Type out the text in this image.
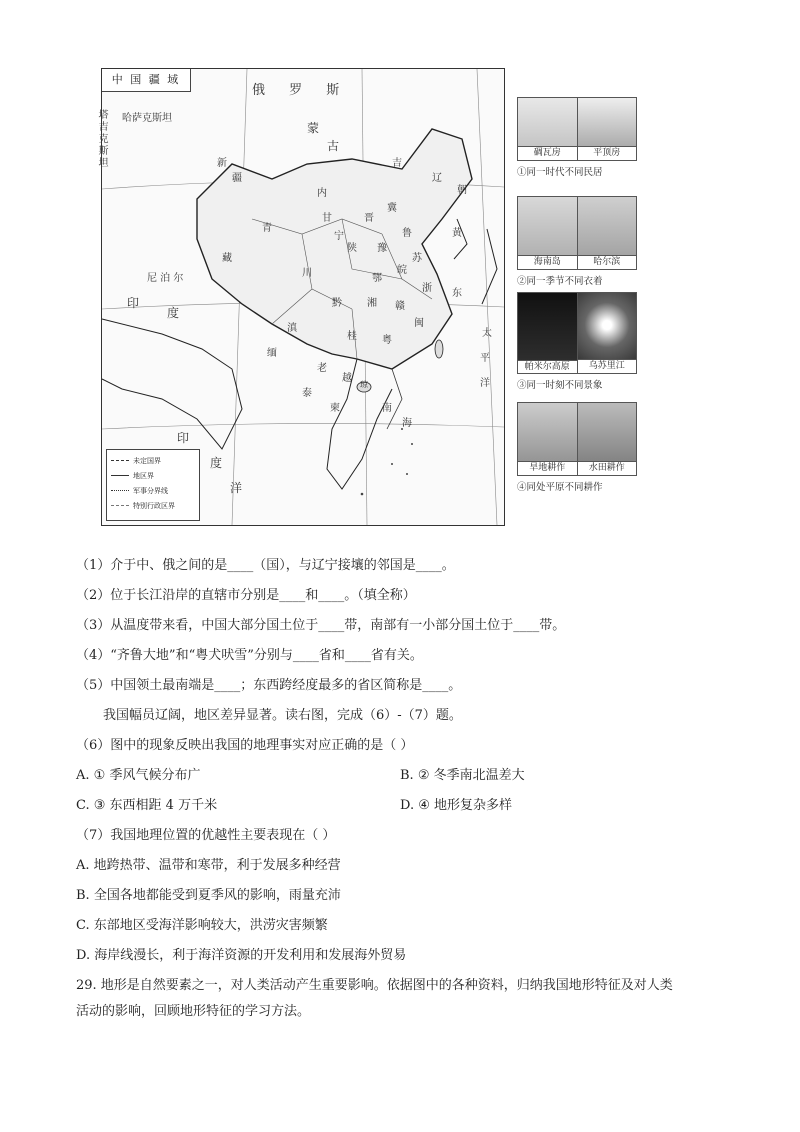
中 国 疆 域
俄 罗 斯
蒙
古
哈萨克斯坦
塔吉克斯坦	新
疆
内
吉
辽
朝
青
藏
川
甘
宁
陕
晋
冀
鲁
豫
苏
皖
鄂
浙
湘 赣
闽
黔
滇
桂	粤
琼
黄
东
南
海
太
平
洋
印
度
尼 泊 尔
老
越
泰
缅
柬
印
度
洋
未定国界
地区界
军事分界线
特别行政区界
碉瓦房	平顶房
①同一时代不同民居
海南岛	哈尔滨
②同一季节不同衣着
帕米尔高原	乌苏里江
③同一时刻不同景象
旱地耕作	水田耕作
④同处平原不同耕作
（1）介于中、俄之间的是____（国），与辽宁接壤的邻国是____。
（2）位于长江沿岸的直辖市分别是____和____。（填全称）
（3）从温度带来看，中国大部分国土位于____带，南部有一小部分国土位于____带。
（4）“齐鲁大地”和“粤犬吠雪”分别与____省和____省有关。
（5）中国领土最南端是____；东西跨经度最多的省区简称是____。
我国幅员辽阔，地区差异显著。读右图，完成（6）-（7）题。
（6）图中的现象反映出我国的地理事实对应正确的是（ ）
A. ① 季风气候分布广	B. ② 冬季南北温差大
C. ③ 东西相距 4 万千米	D. ④ 地形复杂多样
（7）我国地理位置的优越性主要表现在（ ）
A. 地跨热带、温带和寒带，利于发展多种经营
B. 全国各地都能受到夏季风的影响，雨量充沛
C. 东部地区受海洋影响较大，洪涝灾害频繁
D. 海岸线漫长，利于海洋资源的开发利用和发展海外贸易
29. 地形是自然要素之一，对人类活动产生重要影响。依据图中的各种资料，归纳我国地形特征及对人类
活动的影响，回顾地形特征的学习方法。
